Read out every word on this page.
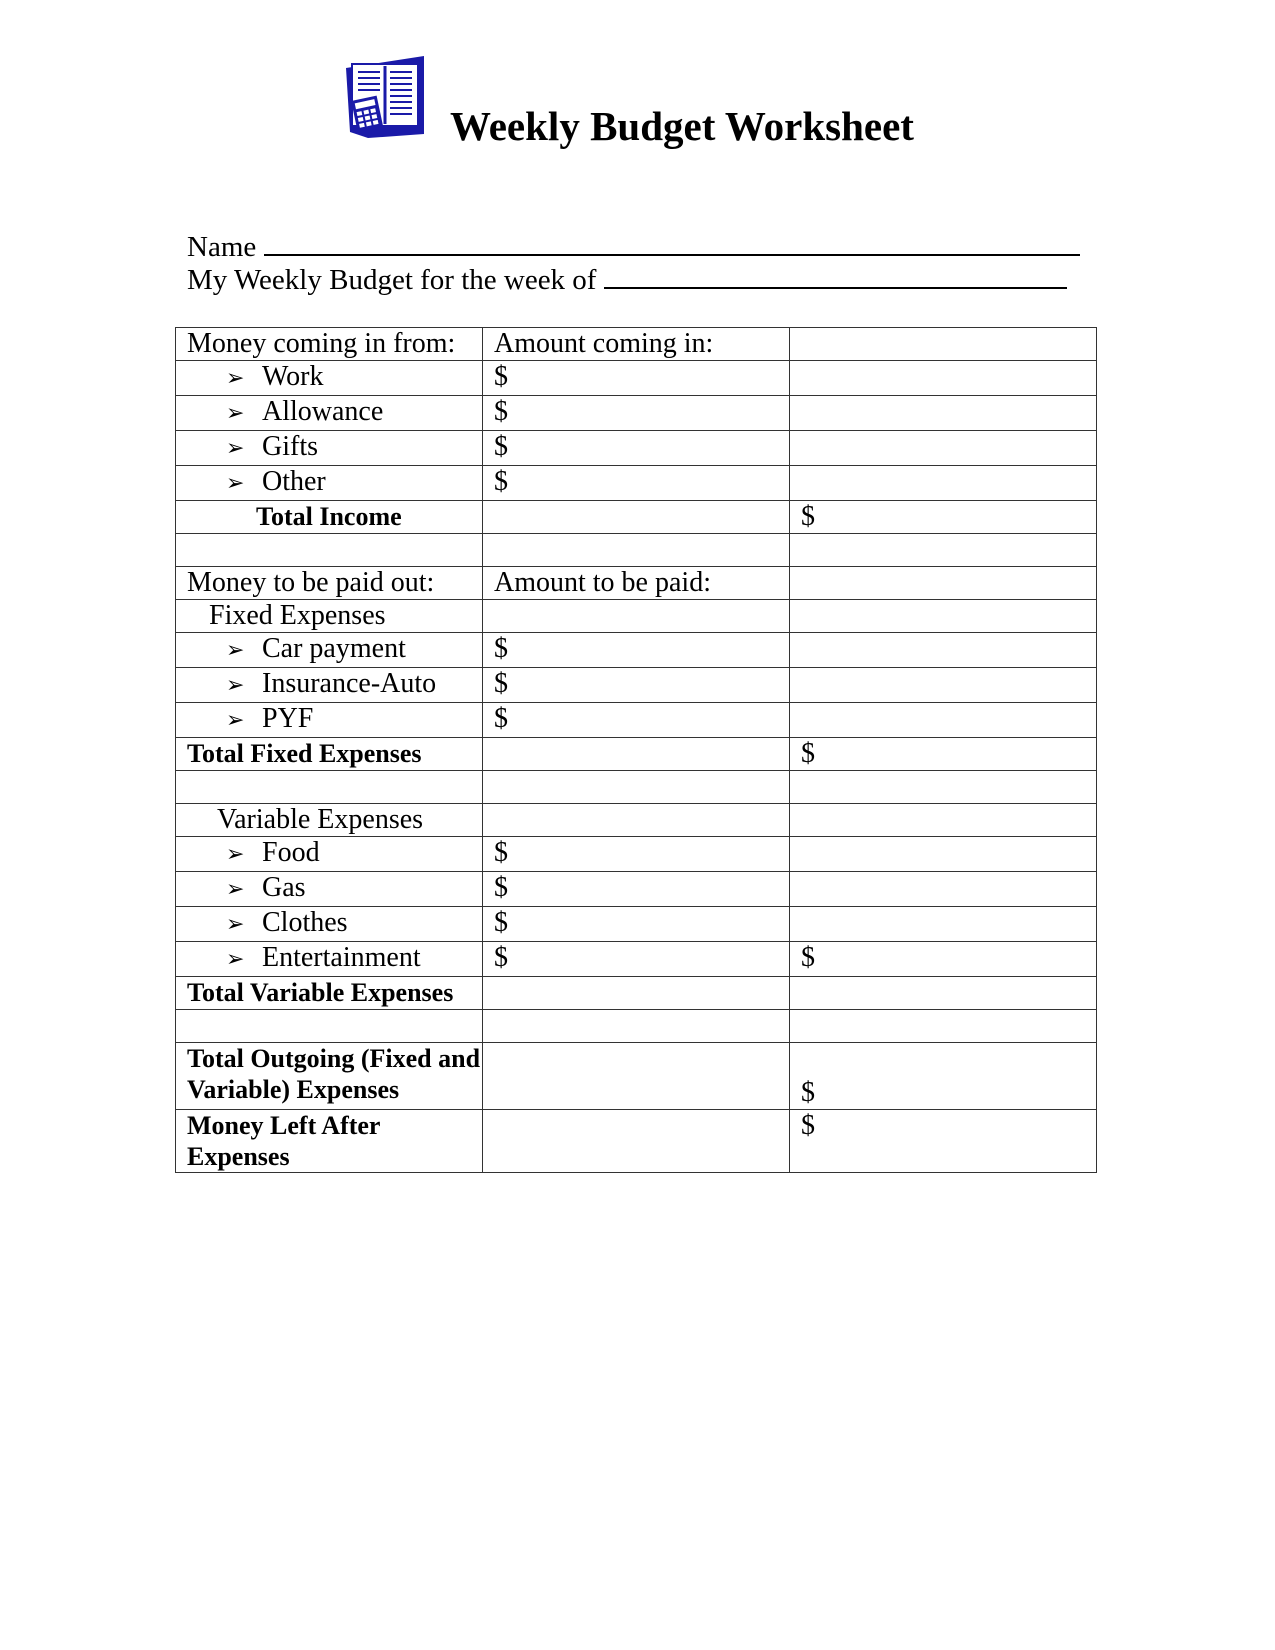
Weekly Budget Worksheet
Name
My Weekly Budget for the week of
Money coming in from:	Amount coming in:	
➢ Work	$	
➢ Allowance	$	
➢ Gifts	$	
➢ Other	$	
Total Income		$

Money to be paid out:	Amount to be paid:	
Fixed Expenses		
➢ Car payment	$	
➢ Insurance-Auto	$	
➢ PYF	$	
Total Fixed Expenses		$

Variable Expenses		
➢ Food	$	
➢ Gas	$	
➢ Clothes	$	
➢ Entertainment	$	$
Total Variable Expenses		

Total Outgoing (Fixed and Variable) Expenses		$
Money Left After Expenses		$
